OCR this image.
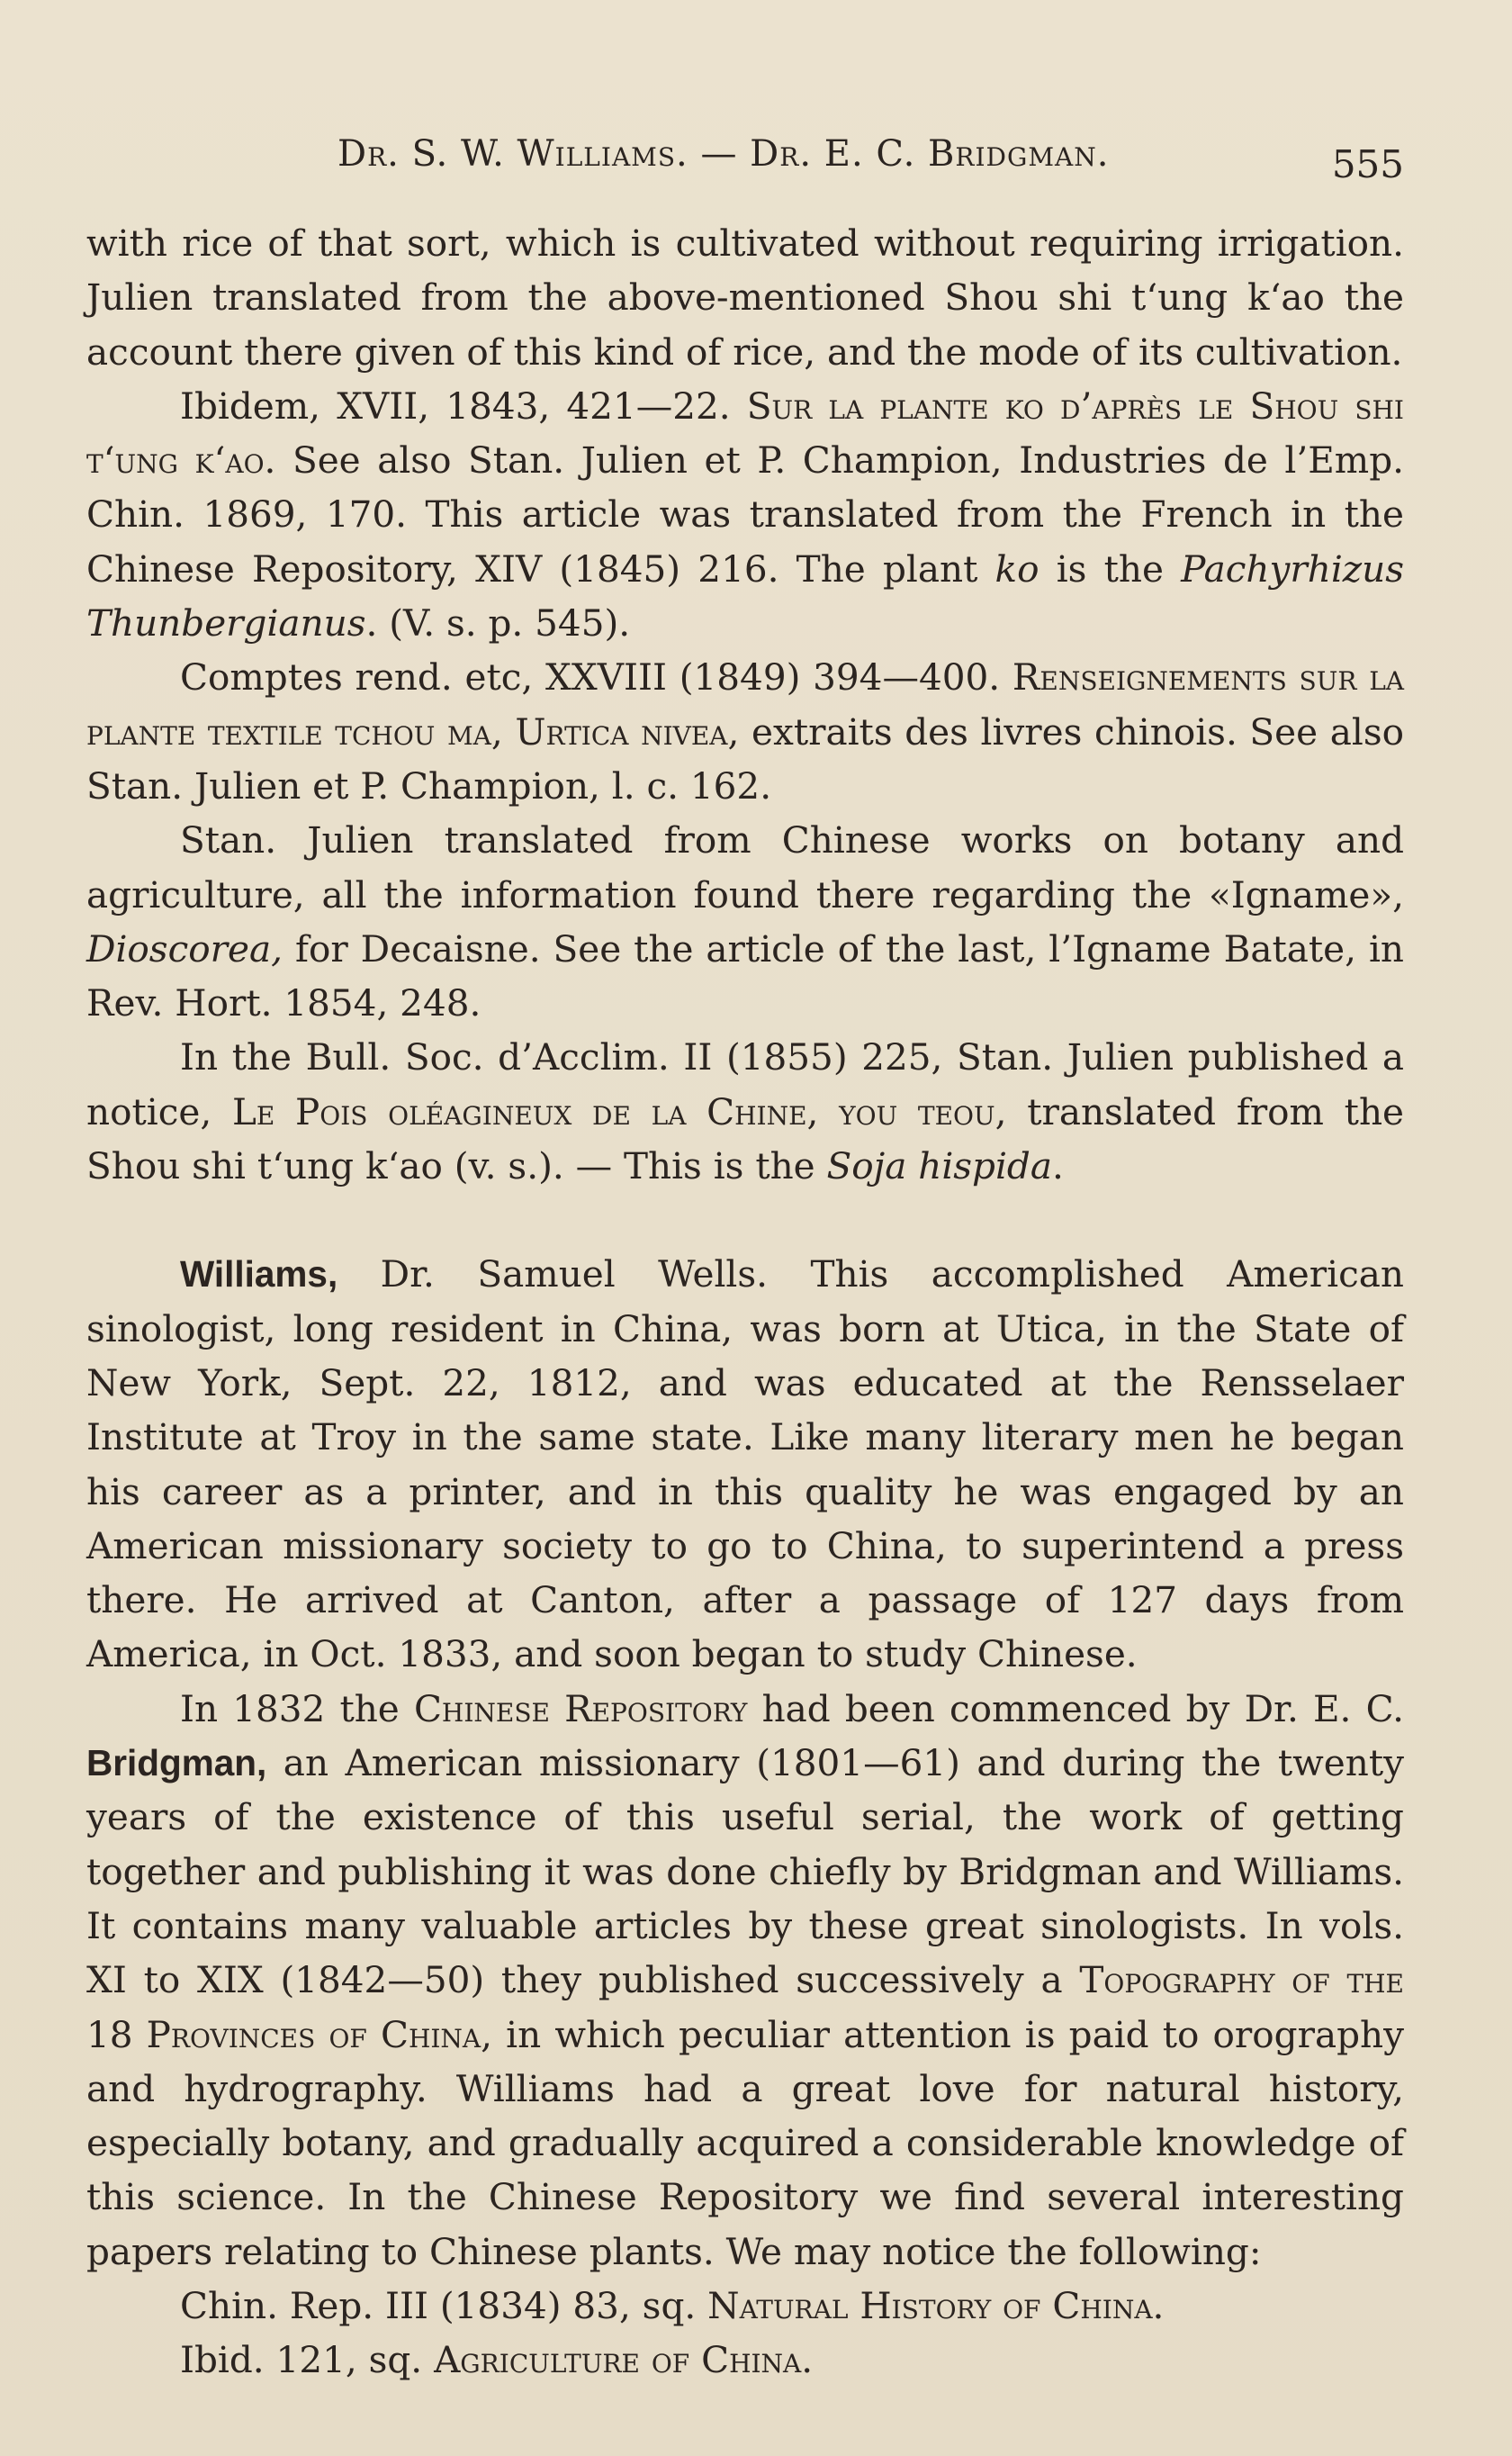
Dr. S. W. Williams. — Dr. E. C. Bridgman.	555

with rice of that sort, which is cultivated without requiring irrigation. Julien translated from the above-mentioned Shou shi tʻung kʻao the account there given of this kind of rice, and the mode of its cultivation.

Ibidem, XVII, 1843, 421—22. Sur la plante ko d’après le Shou shi tʻung kʻao. See also Stan. Julien et P. Champion, Industries de l’Emp. Chin. 1869, 170. This article was translated from the French in the Chinese Repository, XIV (1845) 216. The plant ko is the Pachyrhizus Thunbergianus. (V. s. p. 545).

Comptes rend. etc, XXVIII (1849) 394—400. Renseignements sur la plante textile tchou ma, Urtica nivea, extraits des livres chinois. See also Stan. Julien et P. Champion, l. c. 162.

Stan. Julien translated from Chinese works on botany and agriculture, all the information found there regarding the «Igname», Dioscorea, for Decaisne. See the article of the last, l’Igname Batate, in Rev. Hort. 1854, 248.

In the Bull. Soc. d’Acclim. II (1855) 225, Stan. Julien published a notice, Le Pois oléagineux de la Chine, you teou, translated from the Shou shi tʻung kʻao (v. s.). — This is the Soja hispida.

Williams, Dr. Samuel Wells. This accomplished American sinologist, long resident in China, was born at Utica, in the State of New York, Sept. 22, 1812, and was educated at the Rensselaer Institute at Troy in the same state. Like many literary men he began his career as a printer, and in this quality he was engaged by an American missionary society to go to China, to superintend a press there. He arrived at Canton, after a passage of 127 days from America, in Oct. 1833, and soon began to study Chinese.

In 1832 the Chinese Repository had been commenced by Dr. E. C. Bridgman, an American missionary (1801—61) and during the twenty years of the existence of this useful serial, the work of getting together and publishing it was done chiefly by Bridgman and Williams. It contains many valuable articles by these great sinologists. In vols. XI to XIX (1842—50) they published successively a Topography of the 18 Provinces of China, in which peculiar attention is paid to orography and hydrography. Williams had a great love for natural history, especially botany, and gradually acquired a considerable knowledge of this science. In the Chinese Repository we find several interesting papers relating to Chinese plants. We may notice the following:

Chin. Rep. III (1834) 83, sq. Natural History of China.

Ibid. 121, sq. Agriculture of China.
